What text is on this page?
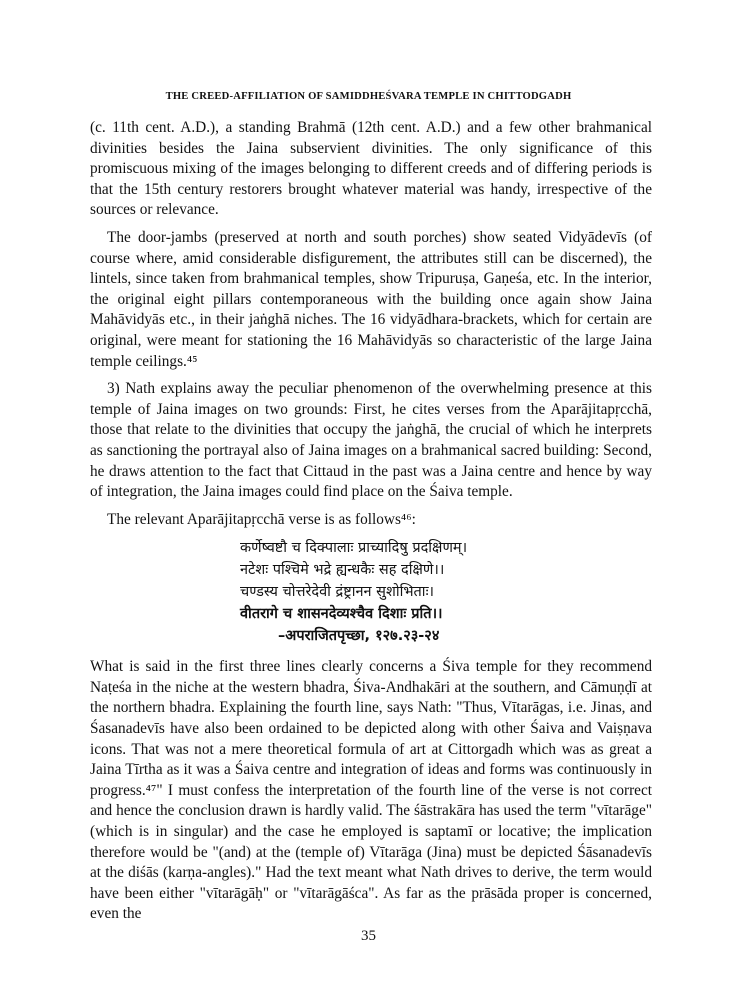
THE CREED-AFFILIATION OF SAMIDDHEŚVARA TEMPLE IN CHITTODGADH

(c. 11th cent. A.D.), a standing Brahmā (12th cent. A.D.) and a few other brahmanical divinities besides the Jaina subservient divinities. The only significance of this promiscuous mixing of the images belonging to different creeds and of differing periods is that the 15th century restorers brought whatever material was handy, irrespective of the sources or relevance.

The door-jambs (preserved at north and south porches) show seated Vidyādevīs (of course where, amid considerable disfigurement, the attributes still can be discerned), the lintels, since taken from brahmanical temples, show Tripuruṣa, Gaṇeśa, etc. In the interior, the original eight pillars contemporaneous with the building once again show Jaina Mahāvidyās etc., in their jaṅghā niches. The 16 vidyādhara-brackets, which for certain are original, were meant for stationing the 16 Mahāvidyās so characteristic of the large Jaina temple ceilings.⁴⁵

3) Nath explains away the peculiar phenomenon of the overwhelming presence at this temple of Jaina images on two grounds: First, he cites verses from the Aparājitapṛcchā, those that relate to the divinities that occupy the jaṅghā, the crucial of which he interprets as sanctioning the portrayal also of Jaina images on a brahmanical sacred building: Second, he draws attention to the fact that Cittaud in the past was a Jaina centre and hence by way of integration, the Jaina images could find place on the Śaiva temple.

The relevant Aparājitapṛcchā verse is as follows⁴⁶:

कर्णेष्वष्टौ च दिक्पालाः प्राच्यादिषु प्रदक्षिणम्।
नटेशः पश्चिमे भद्रे ह्यन्धकैः सह दक्षिणे।।
चण्डस्य चोत्तरेदेवी द्रंष्ट्रानन सुशोभिताः।
वीतरागे च शासनदेव्यश्चैव दिशाः प्रति।।
–अपराजितपृच्छा, १२७.२३-२४

What is said in the first three lines clearly concerns a Śiva temple for they recommend Naṭeśa in the niche at the western bhadra, Śiva-Andhakāri at the southern, and Cāmuṇḍī at the northern bhadra. Explaining the fourth line, says Nath: "Thus, Vītarāgas, i.e. Jinas, and Śasanadevīs have also been ordained to be depicted along with other Śaiva and Vaiṣṇava icons. That was not a mere theoretical formula of art at Cittorgadh which was as great a Jaina Tīrtha as it was a Śaiva centre and integration of ideas and forms was continuously in progress.⁴⁷" I must confess the interpretation of the fourth line of the verse is not correct and hence the conclusion drawn is hardly valid. The śāstrakāra has used the term "vītarāge" (which is in singular) and the case he employed is saptamī or locative; the implication therefore would be "(and) at the (temple of) Vītarāga (Jina) must be depicted Śāsanadevīs at the diśās (karṇa-angles)." Had the text meant what Nath drives to derive, the term would have been either "vītarāgāḥ" or "vītarāgāśca". As far as the prāsāda proper is concerned, even the

35
